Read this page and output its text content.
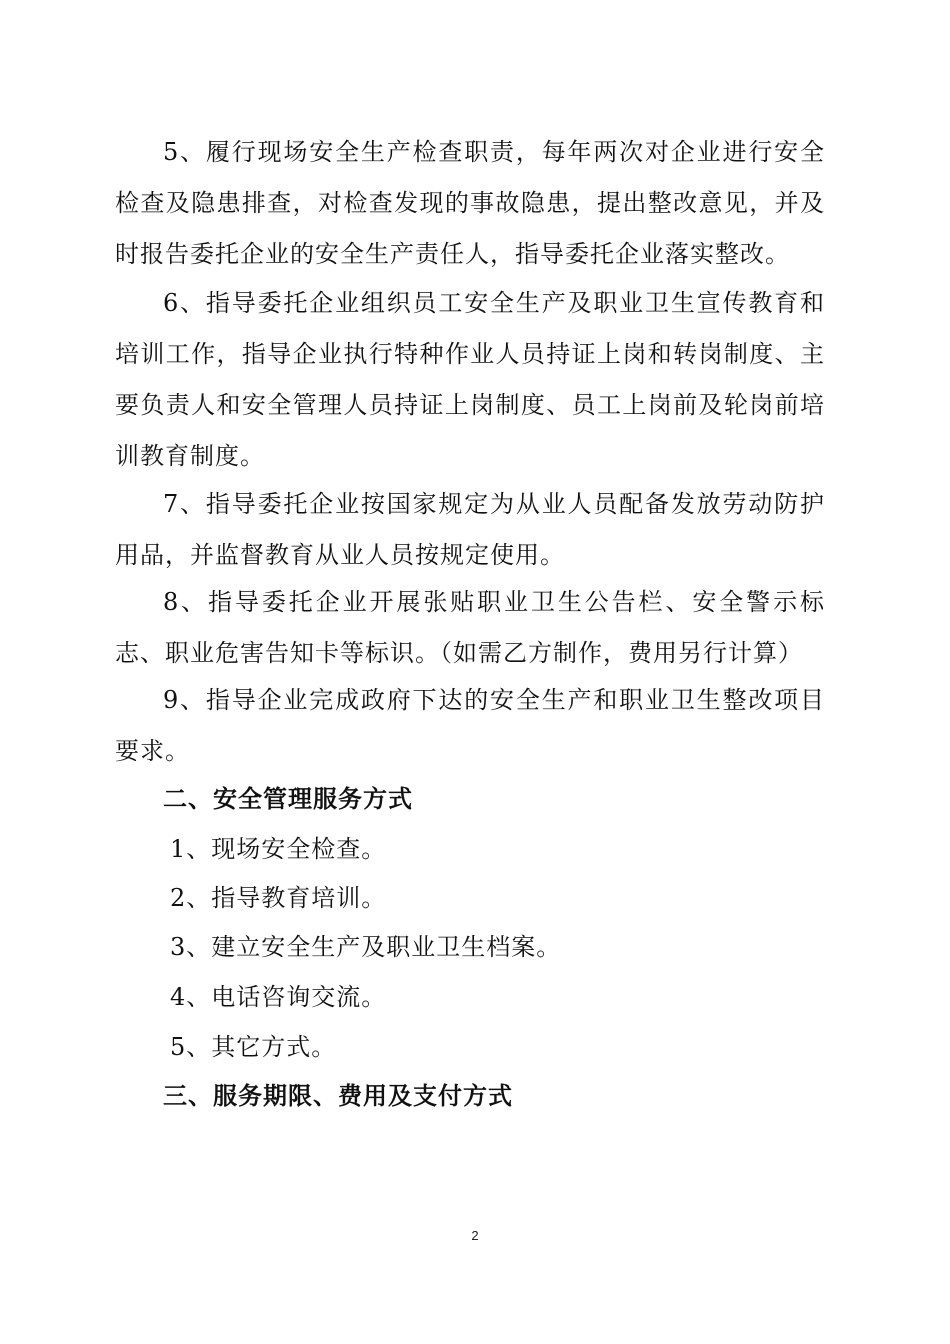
5、履行现场安全生产检查职责，每年两次对企业进行安全检查及隐患排查，对检查发现的事故隐患，提出整改意见，并及时报告委托企业的安全生产责任人，指导委托企业落实整改。

6、指导委托企业组织员工安全生产及职业卫生宣传教育和培训工作，指导企业执行特种作业人员持证上岗和转岗制度、主要负责人和安全管理人员持证上岗制度、员工上岗前及轮岗前培训教育制度。

7、指导委托企业按国家规定为从业人员配备发放劳动防护用品，并监督教育从业人员按规定使用。

8、指导委托企业开展张贴职业卫生公告栏、安全警示标志、职业危害告知卡等标识。（如需乙方制作，费用另行计算）

9、指导企业完成政府下达的安全生产和职业卫生整改项目要求。

二、安全管理服务方式

1、现场安全检查。

2、指导教育培训。

3、建立安全生产及职业卫生档案。

4、电话咨询交流。

5、其它方式。

三、服务期限、费用及支付方式
2
